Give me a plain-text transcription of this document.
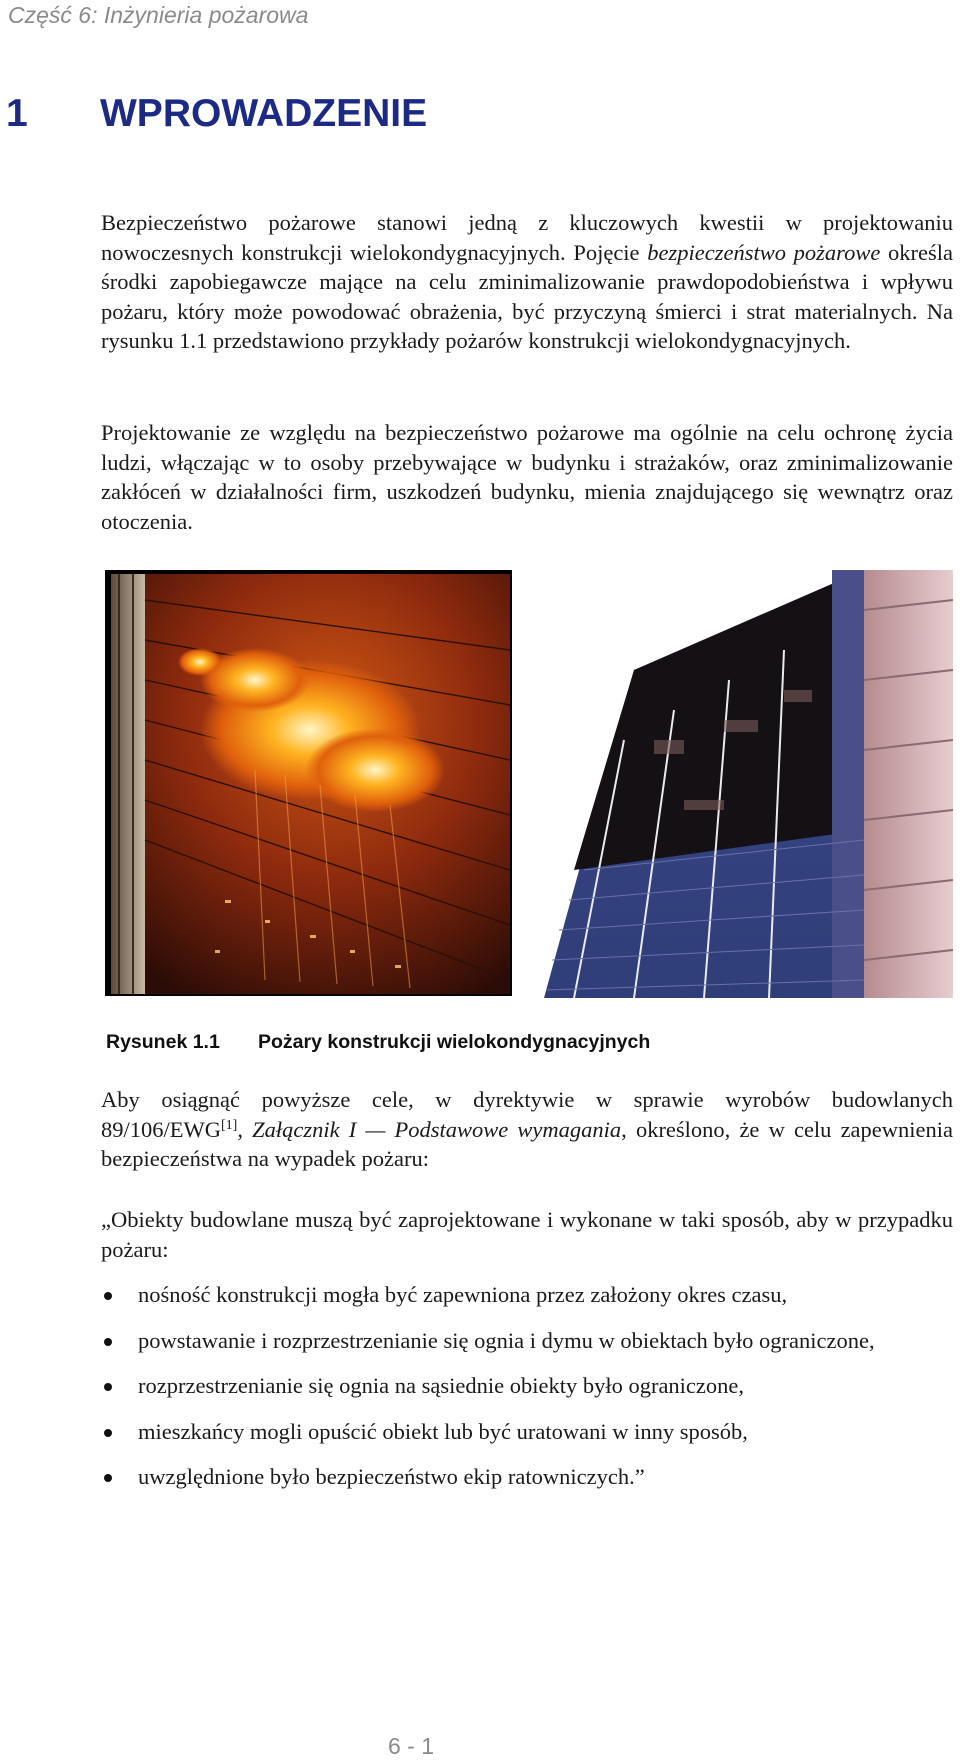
Część 6: Inżynieria pożarowa
1 WPROWADZENIE

Bezpieczeństwo pożarowe stanowi jedną z kluczowych kwestii w projektowaniu nowoczesnych konstrukcji wielokondygnacyjnych. Pojęcie bezpieczeństwo pożarowe określa środki zapobiegawcze mające na celu zminimalizowanie prawdopodobieństwa i wpływu pożaru, który może powodować obrażenia, być przyczyną śmierci i strat materialnych. Na rysunku 1.1 przedstawiono przykłady pożarów konstrukcji wielokondygnacyjnych.

Projektowanie ze względu na bezpieczeństwo pożarowe ma ogólnie na celu ochronę życia ludzi, włączając w to osoby przebywające w budynku i strażaków, oraz zminimalizowanie zakłóceń w działalności firm, uszkodzeń budynku, mienia znajdującego się wewnątrz oraz otoczenia.

Rysunek 1.1 Pożary konstrukcji wielokondygnacyjnych

Aby osiągnąć powyższe cele, w dyrektywie w sprawie wyrobów budowlanych 89/106/EWG[1], Załącznik I — Podstawowe wymagania, określono, że w celu zapewnienia bezpieczeństwa na wypadek pożaru:

„Obiekty budowlane muszą być zaprojektowane i wykonane w taki sposób, aby w przypadku pożaru:

nośność konstrukcji mogła być zapewniona przez założony okres czasu,
powstawanie i rozprzestrzenianie się ognia i dymu w obiektach było ograniczone,
rozprzestrzenianie się ognia na sąsiednie obiekty było ograniczone,
mieszkańcy mogli opuścić obiekt lub być uratowani w inny sposób,
uwzględnione było bezpieczeństwo ekip ratowniczych.”
6 - 1
